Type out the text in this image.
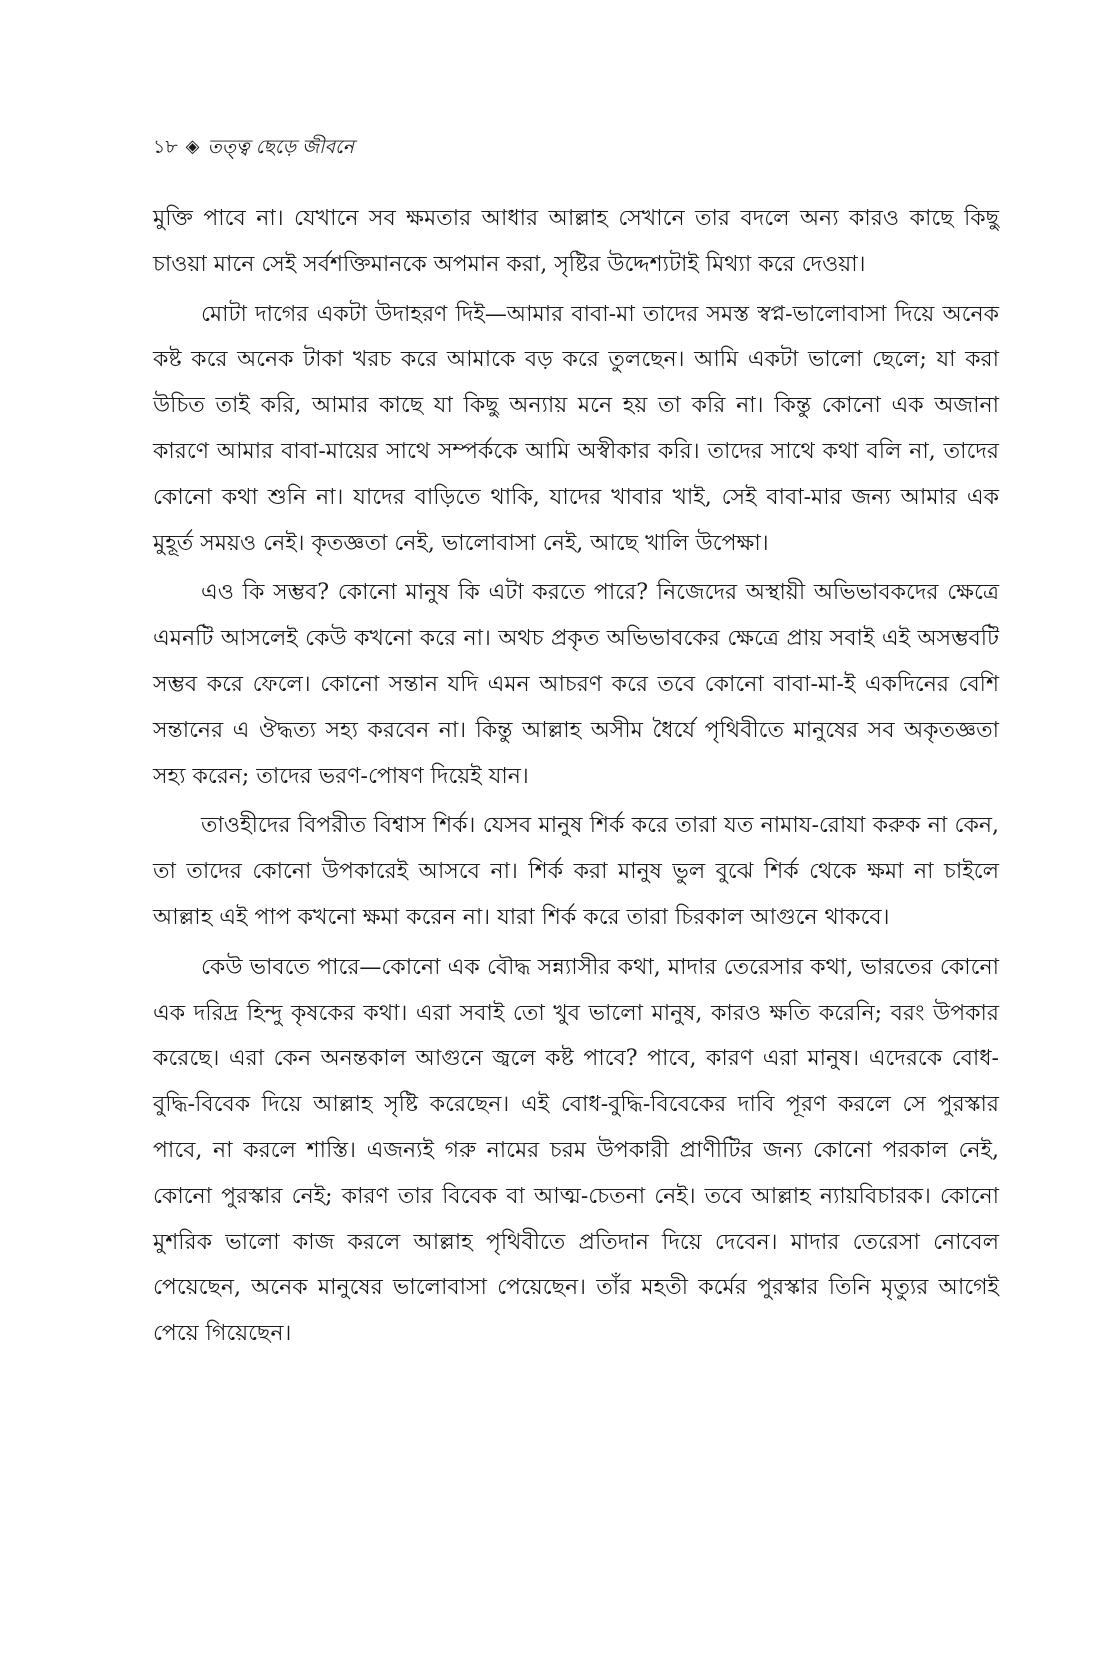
১৮ ◈ তত্ত্ব ছেড়ে জীবনে

মুক্তি পাবে না। যেখানে সব ক্ষমতার আধার আল্লাহ সেখানে তার বদলে অন্য কারও কাছে কিছু চাওয়া মানে সেই সর্বশক্তিমানকে অপমান করা, সৃষ্টির উদ্দেশ্যটাই মিথ্যা করে দেওয়া।

মোটা দাগের একটা উদাহরণ দিই—আমার বাবা-মা তাদের সমস্ত স্বপ্ন-ভালোবাসা দিয়ে অনেক কষ্ট করে অনেক টাকা খরচ করে আমাকে বড় করে তুলছেন। আমি একটা ভালো ছেলে; যা করা উচিত তাই করি, আমার কাছে যা কিছু অন্যায় মনে হয় তা করি না। কিন্তু কোনো এক অজানা কারণে আমার বাবা-মায়ের সাথে সম্পর্ককে আমি অস্বীকার করি। তাদের সাথে কথা বলি না, তাদের কোনো কথা শুনি না। যাদের বাড়িতে থাকি, যাদের খাবার খাই, সেই বাবা-মার জন্য আমার এক মুহূর্ত সময়ও নেই। কৃতজ্ঞতা নেই, ভালোবাসা নেই, আছে খালি উপেক্ষা।

এও কি সম্ভব? কোনো মানুষ কি এটা করতে পারে? নিজেদের অস্থায়ী অভিভাবকদের ক্ষেত্রে এমনটি আসলেই কেউ কখনো করে না। অথচ প্রকৃত অভিভাবকের ক্ষেত্রে প্রায় সবাই এই অসম্ভবটি সম্ভব করে ফেলে। কোনো সন্তান যদি এমন আচরণ করে তবে কোনো বাবা-মা-ই একদিনের বেশি সন্তানের এ ঔদ্ধত্য সহ্য করবেন না। কিন্তু আল্লাহ অসীম ধৈর্যে পৃথিবীতে মানুষের সব অকৃতজ্ঞতা সহ্য করেন; তাদের ভরণ-পোষণ দিয়েই যান।

তাওহীদের বিপরীত বিশ্বাস শির্ক। যেসব মানুষ শির্ক করে তারা যত নামায-রোযা করুক না কেন, তা তাদের কোনো উপকারেই আসবে না। শির্ক করা মানুষ ভুল বুঝে শির্ক থেকে ক্ষমা না চাইলে আল্লাহ এই পাপ কখনো ক্ষমা করেন না। যারা শির্ক করে তারা চিরকাল আগুনে থাকবে।

কেউ ভাবতে পারে—কোনো এক বৌদ্ধ সন্ন্যাসীর কথা, মাদার তেরেসার কথা, ভারতের কোনো এক দরিদ্র হিন্দু কৃষকের কথা। এরা সবাই তো খুব ভালো মানুষ, কারও ক্ষতি করেনি; বরং উপকার করেছে। এরা কেন অনন্তকাল আগুনে জ্বলে কষ্ট পাবে? পাবে, কারণ এরা মানুষ। এদেরকে বোধ-বুদ্ধি-বিবেক দিয়ে আল্লাহ সৃষ্টি করেছেন। এই বোধ-বুদ্ধি-বিবেকের দাবি পূরণ করলে সে পুরস্কার পাবে, না করলে শাস্তি। এজন্যই গরু নামের চরম উপকারী প্রাণীটির জন্য কোনো পরকাল নেই, কোনো পুরস্কার নেই; কারণ তার বিবেক বা আত্ম-চেতনা নেই। তবে আল্লাহ ন্যায়বিচারক। কোনো মুশরিক ভালো কাজ করলে আল্লাহ পৃথিবীতে প্রতিদান দিয়ে দেবেন। মাদার তেরেসা নোবেল পেয়েছেন, অনেক মানুষের ভালোবাসা পেয়েছেন। তাঁর মহতী কর্মের পুরস্কার তিনি মৃত্যুর আগেই পেয়ে গিয়েছেন।
